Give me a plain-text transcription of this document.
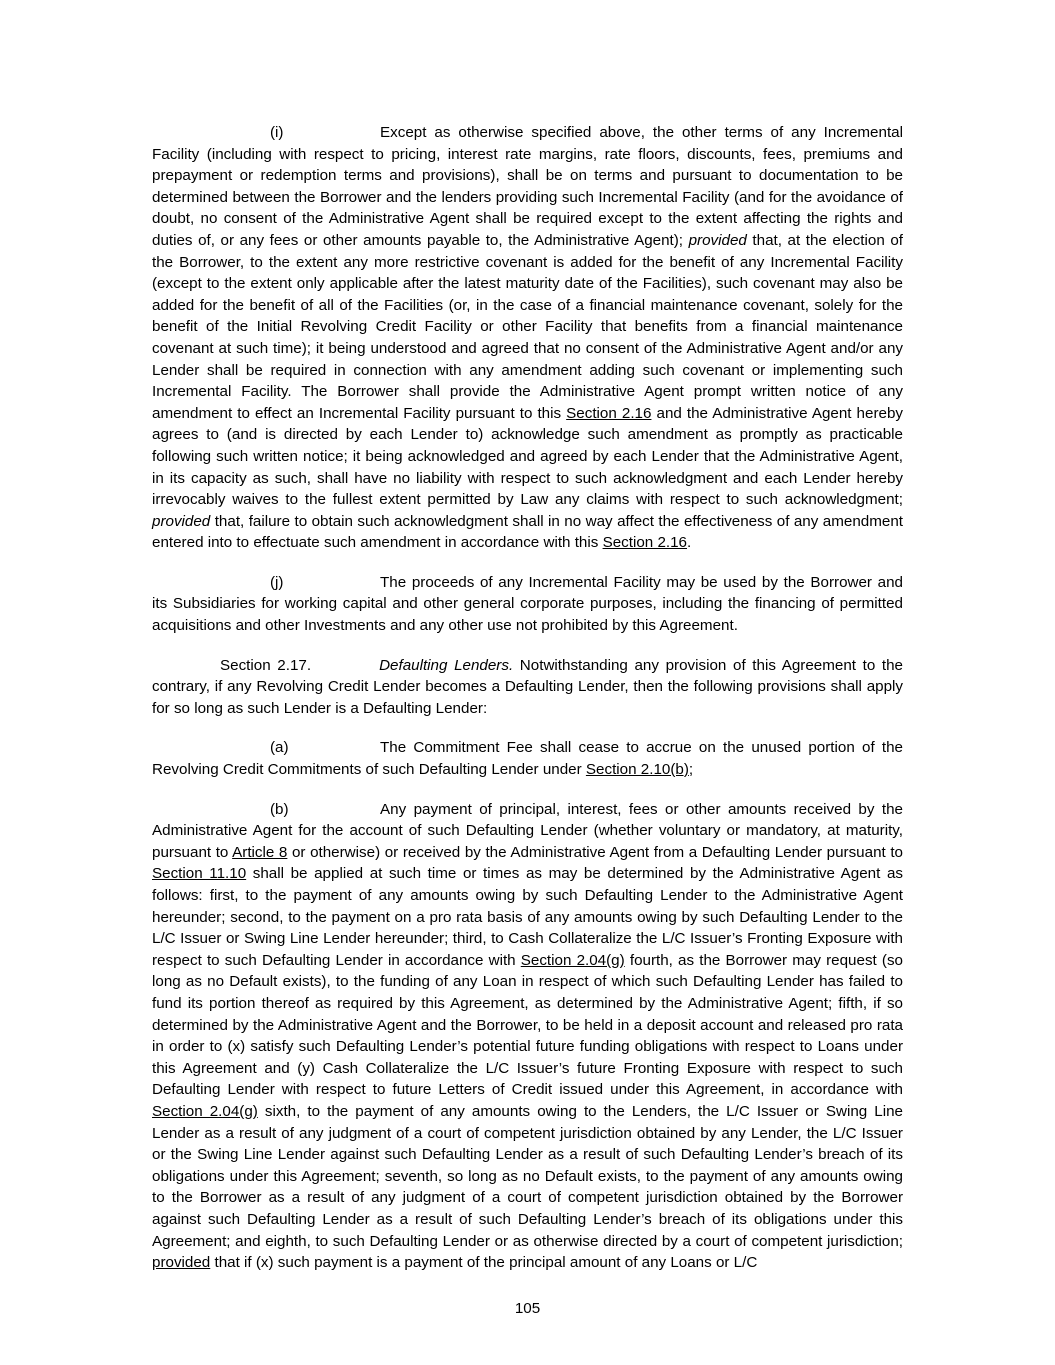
(i)	Except as otherwise specified above, the other terms of any Incremental Facility (including with respect to pricing, interest rate margins, rate floors, discounts, fees, premiums and prepayment or redemption terms and provisions), shall be on terms and pursuant to documentation to be determined between the Borrower and the lenders providing such Incremental Facility (and for the avoidance of doubt, no consent of the Administrative Agent shall be required except to the extent affecting the rights and duties of, or any fees or other amounts payable to, the Administrative Agent); provided that, at the election of the Borrower, to the extent any more restrictive covenant is added for the benefit of any Incremental Facility (except to the extent only applicable after the latest maturity date of the Facilities), such covenant may also be added for the benefit of all of the Facilities (or, in the case of a financial maintenance covenant, solely for the benefit of the Initial Revolving Credit Facility or other Facility that benefits from a financial maintenance covenant at such time); it being understood and agreed that no consent of the Administrative Agent and/or any Lender shall be required in connection with any amendment adding such covenant or implementing such Incremental Facility. The Borrower shall provide the Administrative Agent prompt written notice of any amendment to effect an Incremental Facility pursuant to this Section 2.16 and the Administrative Agent hereby agrees to (and is directed by each Lender to) acknowledge such amendment as promptly as practicable following such written notice; it being acknowledged and agreed by each Lender that the Administrative Agent, in its capacity as such, shall have no liability with respect to such acknowledgment and each Lender hereby irrevocably waives to the fullest extent permitted by Law any claims with respect to such acknowledgment; provided that, failure to obtain such acknowledgment shall in no way affect the effectiveness of any amendment entered into to effectuate such amendment in accordance with this Section 2.16.

(j)	The proceeds of any Incremental Facility may be used by the Borrower and its Subsidiaries for working capital and other general corporate purposes, including the financing of permitted acquisitions and other Investments and any other use not prohibited by this Agreement.

Section 2.17.	Defaulting Lenders. Notwithstanding any provision of this Agreement to the contrary, if any Revolving Credit Lender becomes a Defaulting Lender, then the following provisions shall apply for so long as such Lender is a Defaulting Lender:

(a)	The Commitment Fee shall cease to accrue on the unused portion of the Revolving Credit Commitments of such Defaulting Lender under Section 2.10(b);

(b)	Any payment of principal, interest, fees or other amounts received by the Administrative Agent for the account of such Defaulting Lender (whether voluntary or mandatory, at maturity, pursuant to Article 8 or otherwise) or received by the Administrative Agent from a Defaulting Lender pursuant to Section 11.10 shall be applied at such time or times as may be determined by the Administrative Agent as follows: first, to the payment of any amounts owing by such Defaulting Lender to the Administrative Agent hereunder; second, to the payment on a pro rata basis of any amounts owing by such Defaulting Lender to the L/C Issuer or Swing Line Lender hereunder; third, to Cash Collateralize the L/C Issuer’s Fronting Exposure with respect to such Defaulting Lender in accordance with Section 2.04(g) fourth, as the Borrower may request (so long as no Default exists), to the funding of any Loan in respect of which such Defaulting Lender has failed to fund its portion thereof as required by this Agreement, as determined by the Administrative Agent; fifth, if so determined by the Administrative Agent and the Borrower, to be held in a deposit account and released pro rata in order to (x) satisfy such Defaulting Lender’s potential future funding obligations with respect to Loans under this Agreement and (y) Cash Collateralize the L/C Issuer’s future Fronting Exposure with respect to such Defaulting Lender with respect to future Letters of Credit issued under this Agreement, in accordance with Section 2.04(g) sixth, to the payment of any amounts owing to the Lenders, the L/C Issuer or Swing Line Lender as a result of any judgment of a court of competent jurisdiction obtained by any Lender, the L/C Issuer or the Swing Line Lender against such Defaulting Lender as a result of such Defaulting Lender’s breach of its obligations under this Agreement; seventh, so long as no Default exists, to the payment of any amounts owing to the Borrower as a result of any judgment of a court of competent jurisdiction obtained by the Borrower against such Defaulting Lender as a result of such Defaulting Lender’s breach of its obligations under this Agreement; and eighth, to such Defaulting Lender or as otherwise directed by a court of competent jurisdiction; provided that if (x) such payment is a payment of the principal amount of any Loans or L/C

105
